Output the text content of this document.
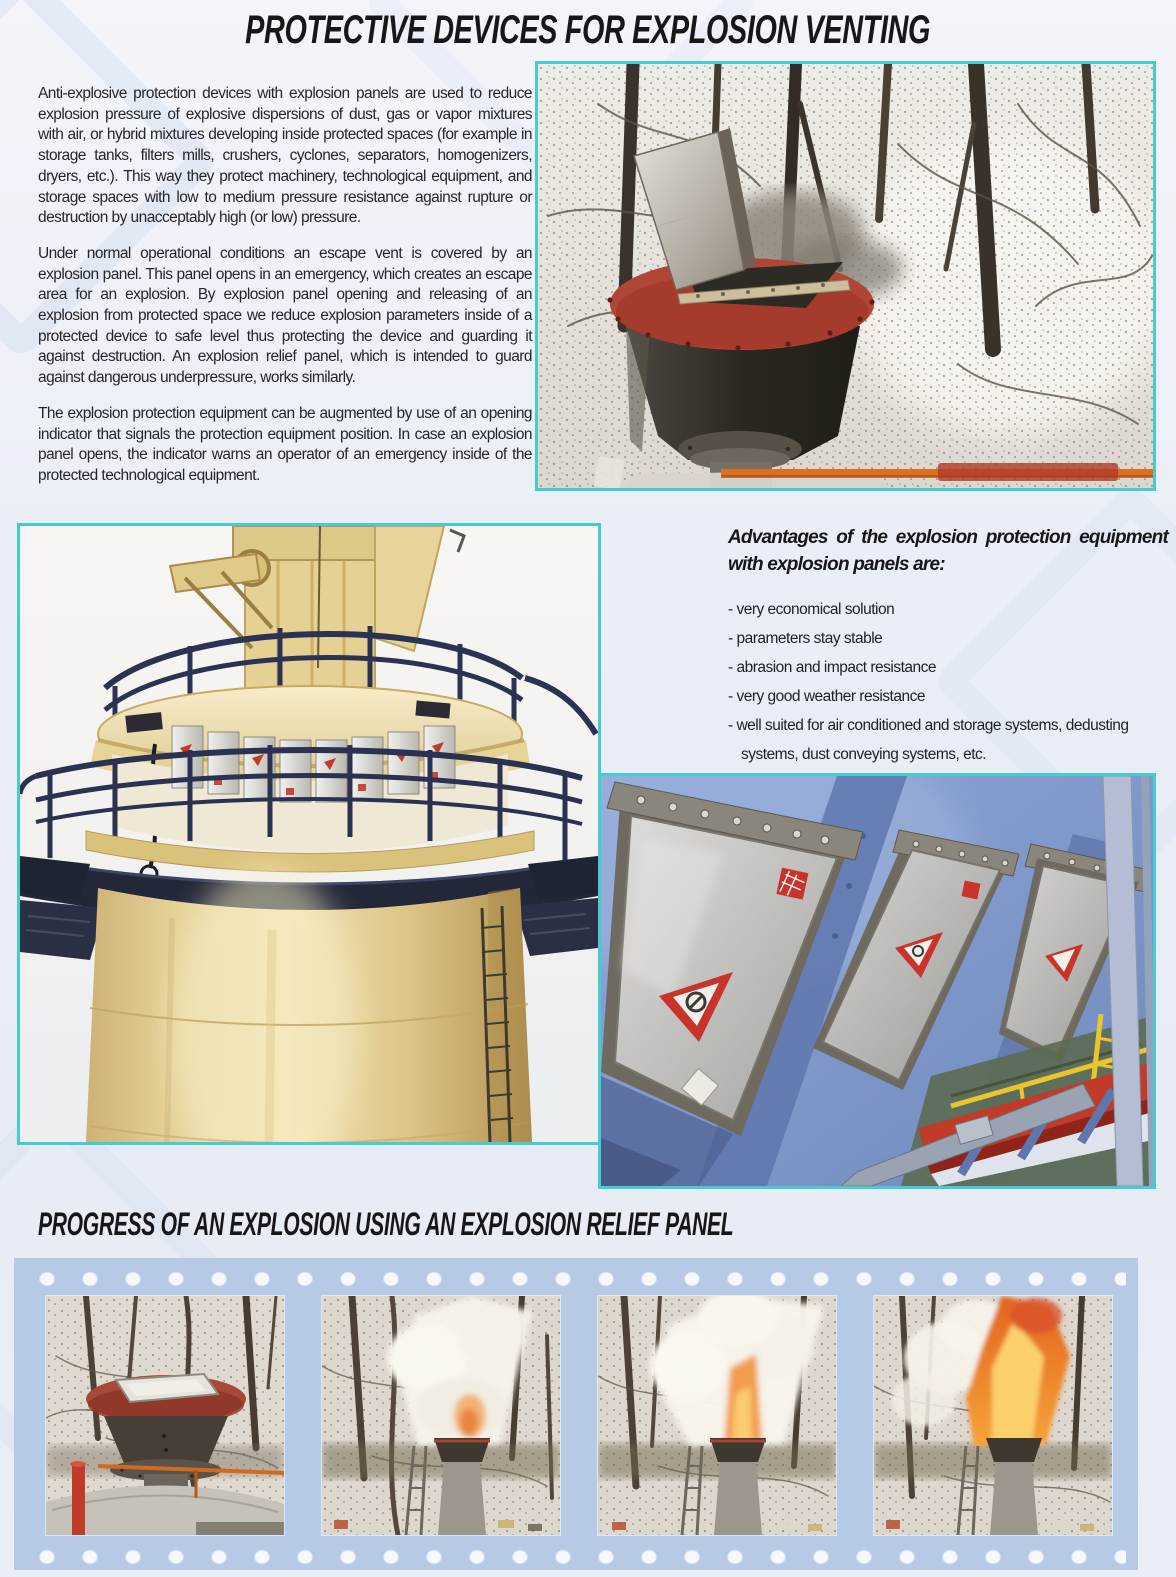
PROTECTIVE DEVICES FOR EXPLOSION VENTING

Anti-explosive protection devices with explosion panels are used to reduce explosion pressure of explosive dispersions of dust, gas or vapor mixtures with air, or hybrid mixtures developing inside protected spaces (for example in storage tanks, filters mills, crushers, cyclones, separators, homogenizers, dryers, etc.). This way they protect machinery, technological equipment, and storage spaces with low to medium pressure resistance against rupture or destruction by unacceptably high (or low) pressure.

Under normal operational conditions an escape vent is covered by an explosion panel. This panel opens in an emergency, which creates an escape area for an explosion. By explosion panel opening and releasing of an explosion from protected space we reduce explosion parameters inside of a protected device to safe level thus protecting the device and guarding it against destruction. An explosion relief panel, which is intended to guard against dangerous underpressure, works similarly.

The explosion protection equipment can be augmented by use of an opening indicator that signals the protection equipment position. In case an explosion panel opens, the indicator warns an operator of an emergency inside of the protected technological equipment.

Advantages of the explosion protection equipment with explosion panels are:
- very economical solution
- parameters stay stable
- abrasion and impact resistance
- very good weather resistance
- well suited for air conditioned and storage systems, dedusting systems, dust conveying systems, etc.
PROGRESS OF AN EXPLOSION USING AN EXPLOSION RELIEF PANEL
